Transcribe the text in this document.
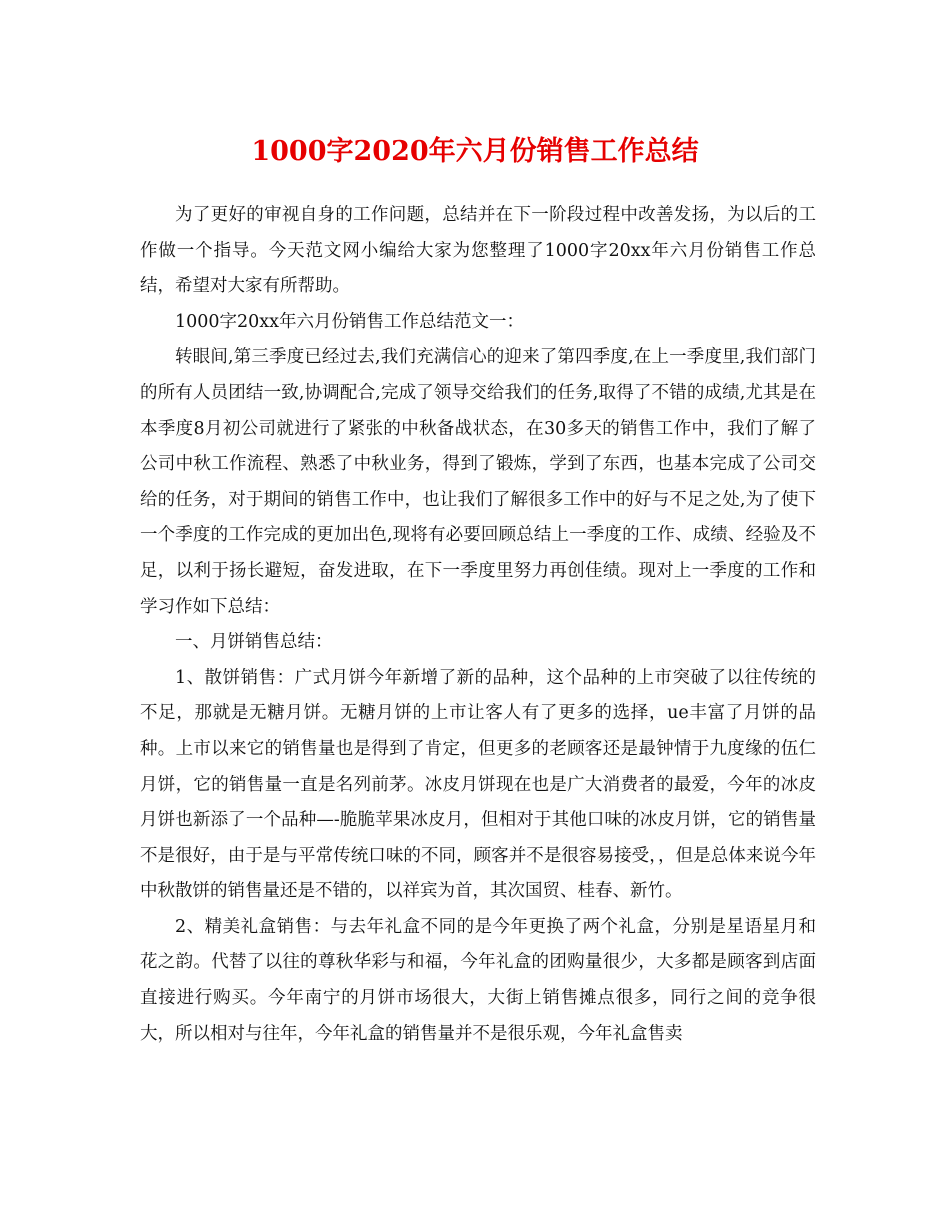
1000字2020年六月份销售工作总结

为了更好的审视自身的工作问题，总结并在下一阶段过程中改善发扬，为以后的工作做一个指导。今天范文网小编给大家为您整理了1000字20xx年六月份销售工作总结，希望对大家有所帮助。

1000字20xx年六月份销售工作总结范文一：

转眼间,第三季度已经过去,我们充满信心的迎来了第四季度,在上一季度里,我们部门的所有人员团结一致,协调配合,完成了领导交给我们的任务,取得了不错的成绩,尤其是在本季度8月初公司就进行了紧张的中秋备战状态，在30多天的销售工作中，我们了解了公司中秋工作流程、熟悉了中秋业务，得到了锻炼，学到了东西，也基本完成了公司交给的任务，对于期间的销售工作中，也让我们了解很多工作中的好与不足之处,为了使下一个季度的工作完成的更加出色,现将有必要回顾总结上一季度的工作、成绩、经验及不足，以利于扬长避短，奋发进取，在下一季度里努力再创佳绩。现对上一季度的工作和学习作如下总结：

一、月饼销售总结：

1、散饼销售：广式月饼今年新增了新的品种，这个品种的上市突破了以往传统的不足，那就是无糖月饼。无糖月饼的上市让客人有了更多的选择，ue丰富了月饼的品种。上市以来它的销售量也是得到了肯定，但更多的老顾客还是最钟情于九度缘的伍仁月饼，它的销售量一直是名列前茅。冰皮月饼现在也是广大消费者的最爱，今年的冰皮月饼也新添了一个品种—-脆脆苹果冰皮月，但相对于其他口味的冰皮月饼，它的销售量不是很好，由于是与平常传统口味的不同，顾客并不是很容易接受，，但是总体来说今年中秋散饼的销售量还是不错的，以祥宾为首，其次国贸、桂春、新竹。

2、精美礼盒销售：与去年礼盒不同的是今年更换了两个礼盒，分别是星语星月和花之韵。代替了以往的尊秋华彩与和福，今年礼盒的团购量很少，大多都是顾客到店面直接进行购买。今年南宁的月饼市场很大，大街上销售摊点很多，同行之间的竞争很大，所以相对与往年，今年礼盒的销售量并不是很乐观，今年礼盒售卖
